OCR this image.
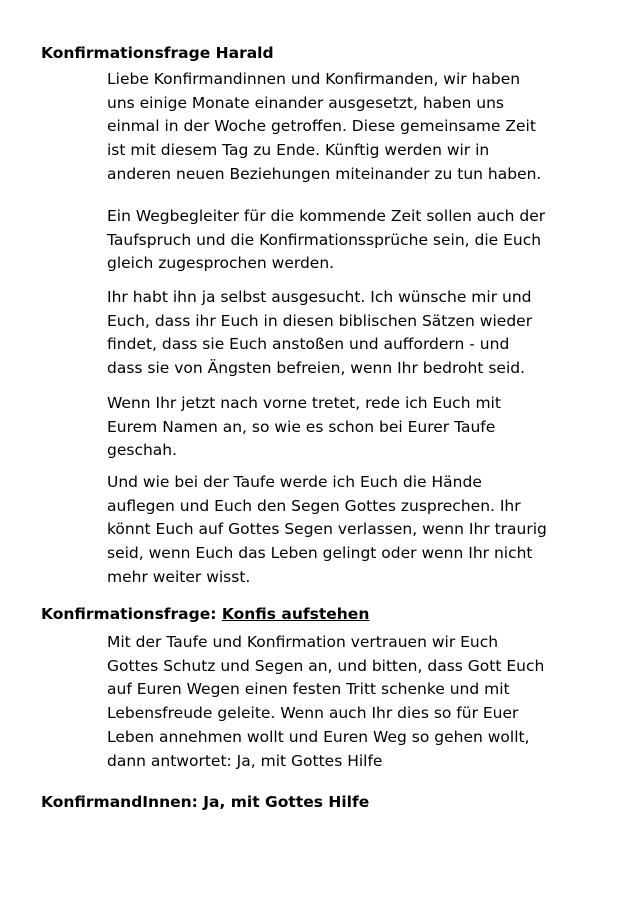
Konfirmationsfrage Harald
Liebe Konfirmandinnen und Konfirmanden, wir haben
uns einige Monate einander ausgesetzt, haben uns
einmal in der Woche getroffen. Diese gemeinsame Zeit
ist mit diesem Tag zu Ende. Künftig werden wir in
anderen neuen Beziehungen miteinander zu tun haben.
Ein Wegbegleiter für die kommende Zeit sollen auch der
Taufspruch und die Konfirmationssprüche sein, die Euch
gleich zugesprochen werden.
Ihr habt ihn ja selbst ausgesucht. Ich wünsche mir und
Euch, dass ihr Euch in diesen biblischen Sätzen wieder
findet, dass sie Euch anstoßen und auffordern - und
dass sie von Ängsten befreien, wenn Ihr bedroht seid.
Wenn Ihr jetzt nach vorne tretet, rede ich Euch mit
Eurem Namen an, so wie es schon bei Eurer Taufe
geschah.
Und wie bei der Taufe werde ich Euch die Hände
auflegen und Euch den Segen Gottes zusprechen. Ihr
könnt Euch auf Gottes Segen verlassen, wenn Ihr traurig
seid, wenn Euch das Leben gelingt oder wenn Ihr nicht
mehr weiter wisst.
Konfirmationsfrage: Konfis aufstehen
Mit der Taufe und Konfirmation vertrauen wir Euch
Gottes Schutz und Segen an, und bitten, dass Gott Euch
auf Euren Wegen einen festen Tritt schenke und mit
Lebensfreude geleite. Wenn auch Ihr dies so für Euer
Leben annehmen wollt und Euren Weg so gehen wollt,
dann antwortet: Ja, mit Gottes Hilfe
KonfirmandInnen: Ja, mit Gottes Hilfe
